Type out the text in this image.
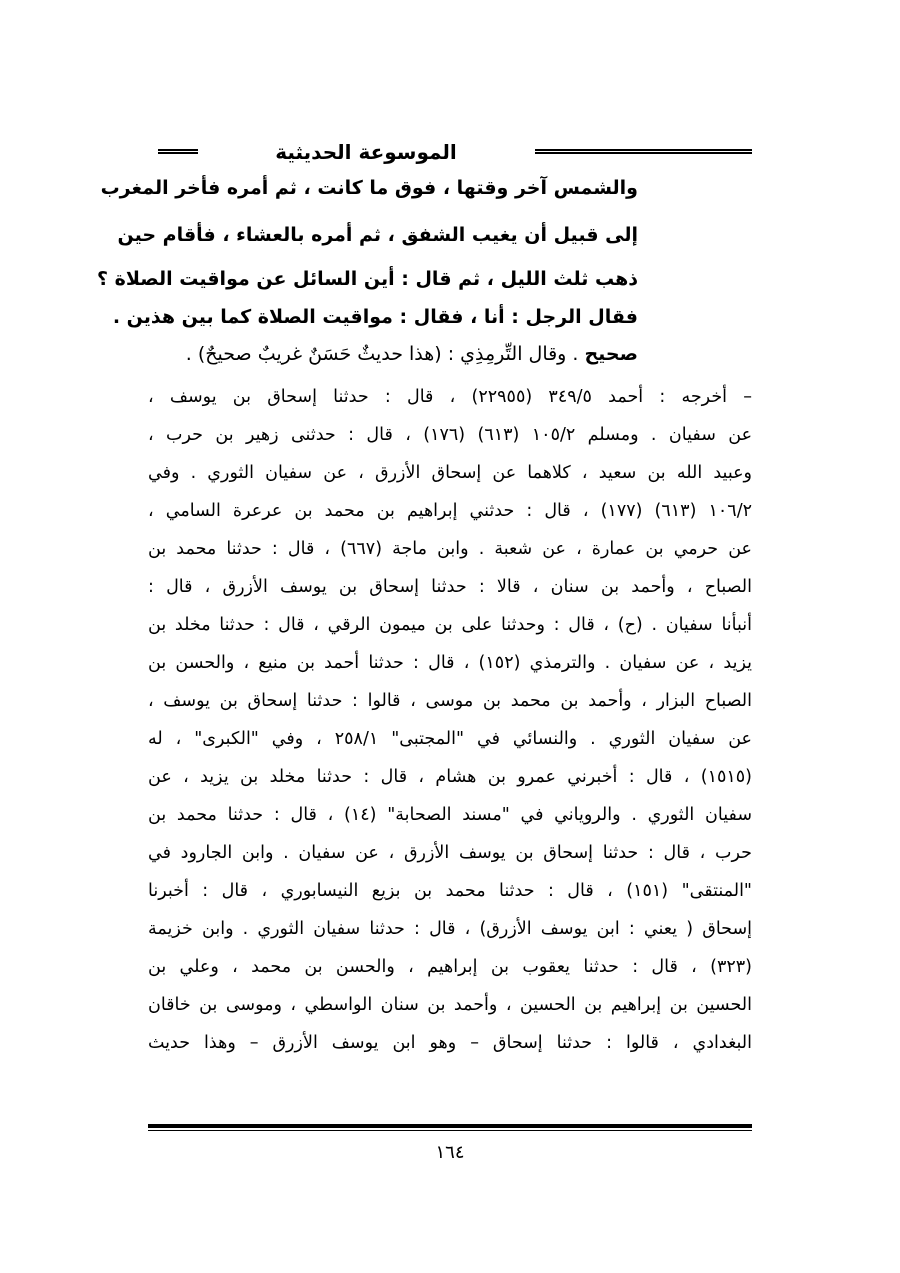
الموسوعة الحديثية
والشمس آخر وقتها ، فوق ما كانت ، ثم أمره فأخر المغرب
إلى قبيل أن يغيب الشفق ، ثم أمره بالعشاء ، فأقام حين
ذهب ثلث الليل ، ثم قال : أين السائل عن مواقيت الصلاة ؟
فقال الرجل : أنا ، فقال : مواقيت الصلاة كما بين هذين .
صحيح . وقال التِّرمِذِي : (هذا حديثٌ حَسَنٌ غريبٌ صحيحٌ) .
– أخرجه : أحمد ٣٤٩/٥ (٢٢٩٥٥) ، قال : حدثنا إسحاق بن يوسف ،
عن سفيان . ومسلم ١٠٥/٢ (٦١٣) (١٧٦) ، قال : حدثنى زهير بن حرب ،
وعبيد الله بن سعيد ، كلاهما عن إسحاق الأزرق ، عن سفيان الثوري . وفي
١٠٦/٢ (٦١٣) (١٧٧) ، قال : حدثني إبراهيم بن محمد بن عرعرة السامي ،
عن حرمي بن عمارة ، عن شعبة . وابن ماجة (٦٦٧) ، قال : حدثنا محمد بن
الصباح ، وأحمد بن سنان ، قالا : حدثنا إسحاق بن يوسف الأزرق ، قال :
أنبأنا سفيان . (ح) ، قال : وحدثنا على بن ميمون الرقي ، قال : حدثنا مخلد بن
يزيد ، عن سفيان . والترمذي (١٥٢) ، قال : حدثنا أحمد بن منيع ، والحسن بن
الصباح البزار ، وأحمد بن محمد بن موسى ، قالوا : حدثنا إسحاق بن يوسف ،
عن سفيان الثوري . والنسائي في "المجتبى" ٢٥٨/١ ، وفي "الكبرى" ، له
(١٥١٥) ، قال : أخبرني عمرو بن هشام ، قال : حدثنا مخلد بن يزيد ، عن
سفيان الثوري . والروياني في "مسند الصحابة" (١٤) ، قال : حدثنا محمد بن
حرب ، قال : حدثنا إسحاق بن يوسف الأزرق ، عن سفيان . وابن الجارود في
"المنتقى" (١٥١) ، قال : حدثنا محمد بن بزيع النيسابوري ، قال : أخبرنا
إسحاق ( يعني : ابن يوسف الأزرق) ، قال : حدثنا سفيان الثوري . وابن خزيمة
(٣٢٣) ، قال : حدثنا يعقوب بن إبراهيم ، والحسن بن محمد ، وعلي بن
الحسين بن إبراهيم بن الحسين ، وأحمد بن سنان الواسطي ، وموسى بن خاقان
البغدادي ، قالوا : حدثنا إسحاق – وهو ابن يوسف الأزرق – وهذا حديث
١٦٤
